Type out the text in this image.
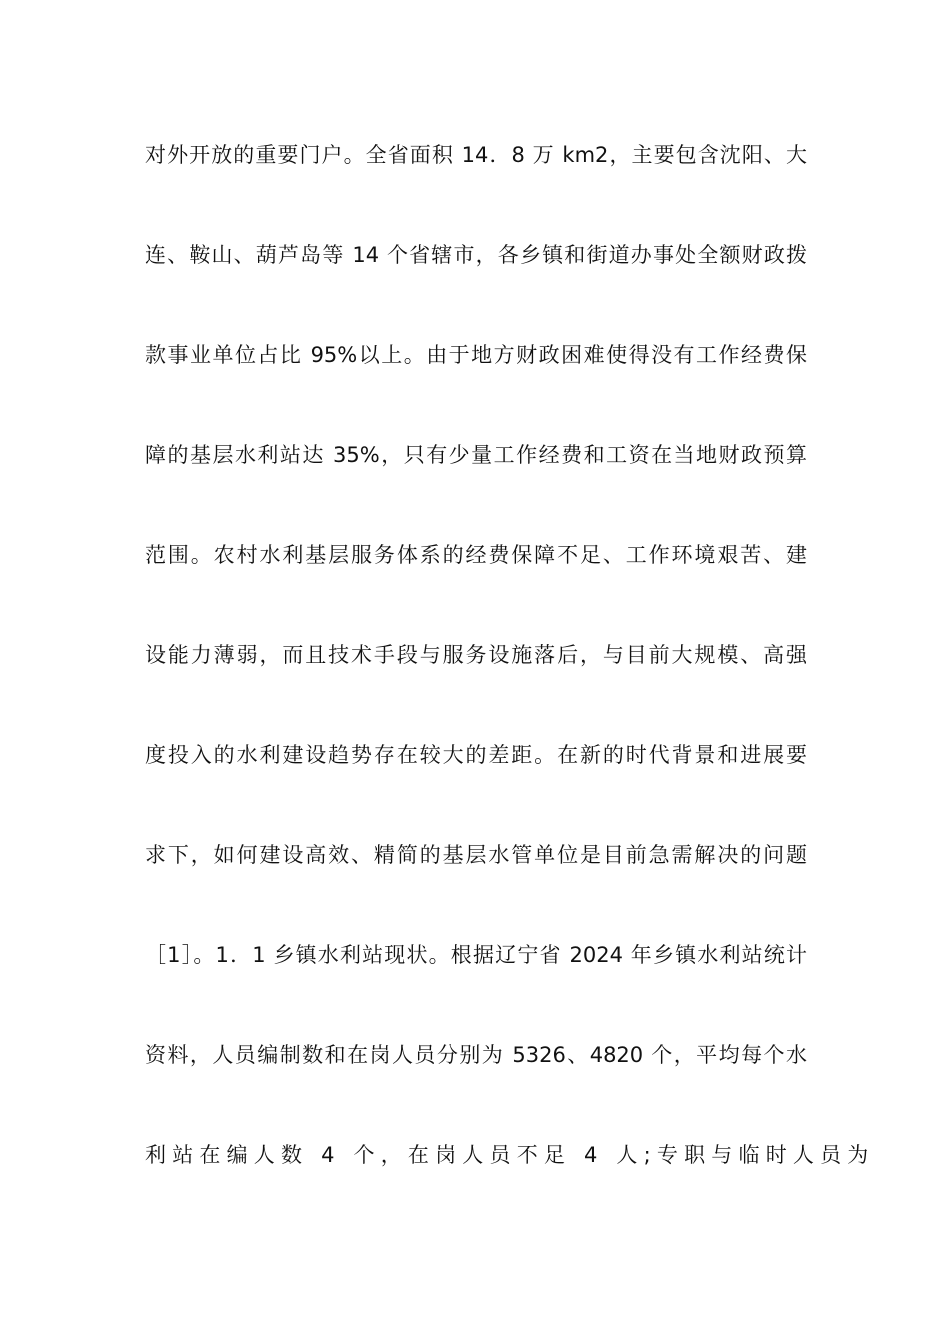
对外开放的重要门户。全省面积 14．8 万 km2，主要包含沈阳、大
连、鞍山、葫芦岛等 14 个省辖市，各乡镇和街道办事处全额财政拨
款事业单位占比 95%以上。由于地方财政困难使得没有工作经费保
障的基层水利站达 35%，只有少量工作经费和工资在当地财政预算
范围。农村水利基层服务体系的经费保障不足、工作环境艰苦、建
设能力薄弱，而且技术手段与服务设施落后，与目前大规模、高强
度投入的水利建设趋势存在较大的差距。在新的时代背景和进展要
求下，如何建设高效、精简的基层水管单位是目前急需解决的问题
［1］。1．1 乡镇水利站现状。根据辽宁省 2024 年乡镇水利站统计
资料，人员编制数和在岗人员分别为 5326、4820 个，平均每个水
利站在编人数 4 个，在岗人员不足 4 人;专职与临时人员为
